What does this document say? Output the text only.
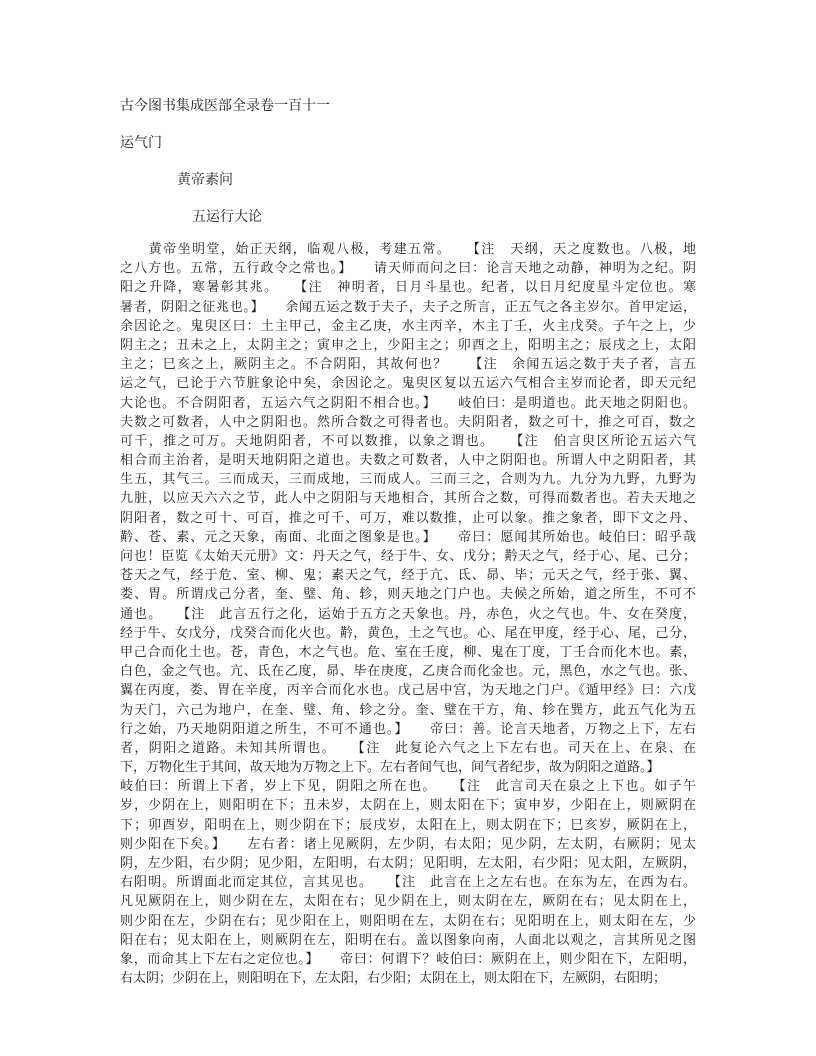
古今图书集成医部全录卷一百十一
运气门
黄帝素问
五运行大论
　　黄帝坐明堂，始正天纲，临观八极，考建五常。　　【注　天纲，天之度数也。八极，地
之八方也。五常，五行政令之常也。】　　请天师而问之曰：论言天地之动静，神明为之纪。阴
阳之升降，寒暑彰其兆。　　【注　神明者，日月斗星也。纪者，以日月纪度星斗定位也。寒
暑者，阴阳之征兆也。】　　余闻五运之数于夫子，夫子之所言，正五气之各主岁尔。首甲定运，
余因论之。鬼臾区曰：土主甲己，金主乙庚，水主丙辛，木主丁壬，火主戊癸。子午之上，少
阴主之；丑未之上，太阴主之；寅申之上，少阳主之；卯酉之上，阳明主之；辰戌之上，太阳
主之；巳亥之上，厥阴主之。不合阴阳，其故何也？　　【注　余闻五运之数于夫子者，言五
运之气，已论于六节脏象论中矣，余因论之。鬼臾区复以五运六气相合主岁而论者，即天元纪
大论也。不合阴阳者，五运六气之阴阳不相合也。】　　岐伯曰：是明道也。此天地之阴阳也。
夫数之可数者，人中之阴阳也。然所合数之可得者也。夫阴阳者，数之可十，推之可百，数之
可千，推之可万。天地阴阳者，不可以数推，以象之谓也。　　【注　伯言臾区所论五运六气
相合而主治者，是明天地阴阳之道也。夫数之可数者，人中之阴阳也。所谓人中之阴阳者，其
生五，其气三。三而成天，三而成地，三而成人。三而三之，合则为九。九分为九野，九野为
九脏，以应天六六之节，此人中之阴阳与天地相合，其所合之数，可得而数者也。若夫天地之
阴阳者，数之可十、可百，推之可千、可万，难以数推，止可以象。推之象者，即下文之丹、
黅、苍、素、元之天象，南面、北面之图象是也。】　　帝曰：愿闻其所始也。岐伯曰：昭乎哉
问也！臣览《太始天元册》文：丹天之气，经于牛、女、戊分；黅天之气，经于心、尾、己分；
苍天之气，经于危、室、柳、鬼；素天之气，经于亢、氐、昴、毕；元天之气，经于张、翼、
娄、胃。所谓戊己分者，奎、璧、角、轸，则天地之门户也。夫候之所始，道之所生，不可不
通也。　　【注　此言五行之化，运始于五方之天象也。丹，赤色，火之气也。牛、女在癸度，
经于牛、女戊分，戊癸合而化火也。黅，黄色，土之气也。心、尾在甲度，经于心、尾，己分，
甲己合而化土也。苍，青色，木之气也。危、室在壬度，柳、鬼在丁度，丁壬合而化木也。素，
白色，金之气也。亢、氐在乙度，昴、毕在庚度，乙庚合而化金也。元，黑色，水之气也。张、
翼在丙度，娄、胃在辛度，丙辛合而化水也。戊己居中宫，为天地之门户。《遁甲经》曰：六戊
为天门，六己为地户，在奎、璧、角、轸之分。奎、璧在干方，角、轸在巽方，此五气化为五
行之始，乃天地阴阳道之所生，不可不通也。】　　帝曰：善。论言天地者，万物之上下，左右
者，阴阳之道路。未知其所谓也。　　【注　此复论六气之上下左右也。司天在上、在泉、在
下，万物化生于其间，故天地为万物之上下。左右者间气也，间气者纪步，故为阴阳之道路。】
岐伯曰：所谓上下者，岁上下见，阴阳之所在也。　　【注　此言司天在泉之上下也。如子午
岁，少阴在上，则阳明在下；丑未岁，太阴在上，则太阳在下；寅申岁，少阳在上，则厥阴在
下；卯酉岁，阳明在上，则少阴在下；辰戌岁，太阳在上，则太阴在下；巳亥岁，厥阴在上，
则少阳在下矣。】　　左右者：诸上见厥阴，左少阴，右太阳；见少阴，左太阴，右厥阴；见太
阴，左少阳，右少阴；见少阳，左阳明，右太阴；见阳明，左太阳，右少阳；见太阳，左厥阴，
右阳明。所谓面北而定其位，言其见也。　　【注　此言在上之左右也。在东为左，在西为右。
凡见厥阴在上，则少阴在左，太阳在右；见少阴在上，则太阴在左，厥阴在右；见太阴在上，
则少阳在左，少阴在右；见少阳在上，则阳明在左，太阴在右；见阳明在上，则太阳在左，少
阳在右；见太阳在上，则厥阴在左，阳明在右。盖以图象向南，人面北以观之，言其所见之图
象，而命其上下左右之定位也。】　　帝曰：何谓下？岐伯曰：厥阴在上，则少阳在下，左阳明，
右太阴；少阴在上，则阳明在下，左太阳，右少阳；太阴在上，则太阳在下，左厥阴，右阳明；
